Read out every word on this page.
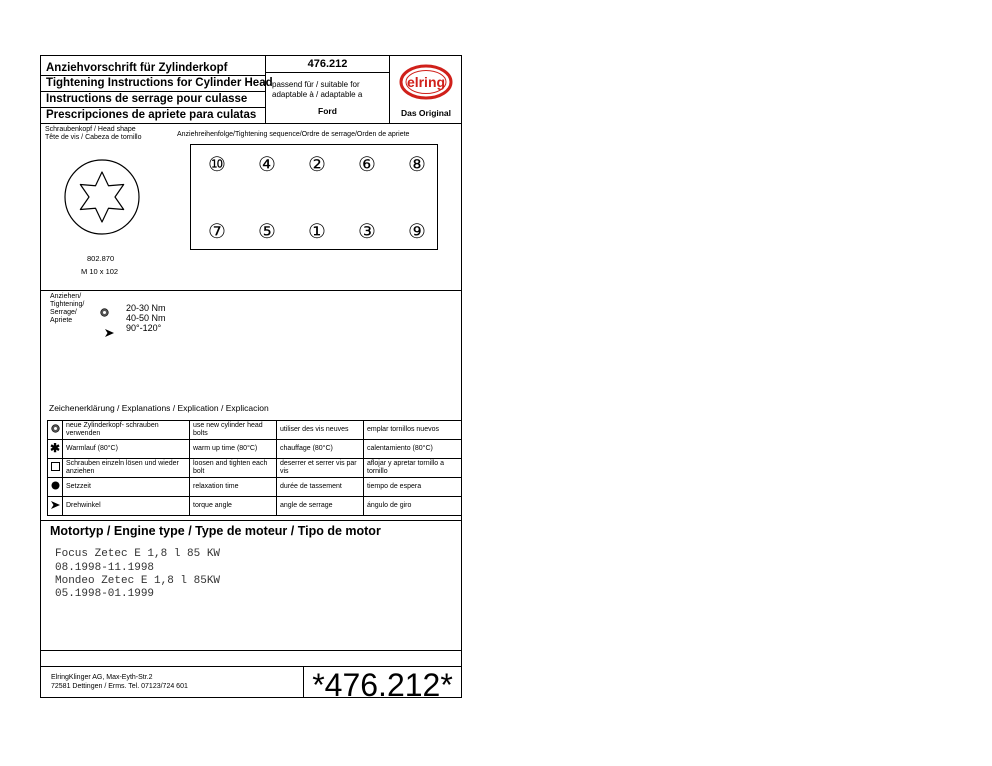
Anziehvorschrift für Zylinderkopf
Tightening Instructions for Cylinder Head
Instructions de serrage pour culasse
Prescripciones de apriete para culatas
476.212
passend für / suitable for
adaptable à / adaptable a
Ford
elring
Das Original
Schraubenkopf / Head shape
Tête de vis / Cabeza de tornillo
802.870
M 10 x 102
Anziehreihenfolge/Tightening sequence/Ordre de serrage/Orden de apriete
⑩	④	②	⑥	⑧
⑦	⑤	①	③	⑨
Anziehen/
Tightening/
Serrage/
Apriete
20-30 Nm
40-50 Nm
90°-120°
Zeichenerklärung / Explanations / Explication / Explicacion
	neue Zylinderkopf- schrauben verwenden	use new cylinder head bolts	utiliser des vis neuves	emplar tornillos nuevos
✱	Warmlauf (80°C)	warm up time (80°C)	chauffage (80°C)	calentamiento (80°C)
	Schrauben einzeln lösen und wieder anziehen	loosen and tighten each bolt	deserrer et serrer vis par vis	aflojar y apretar tornillo a tornillo
	Setzzeit	relaxation time	durée de tassement	tiempo de espera
	Drehwinkel	torque angle	angle de serrage	ángulo de giro
Motortyp / Engine type / Type de moteur / Tipo de motor
Focus Zetec E 1,8 l 85 KW
08.1998-11.1998
Mondeo Zetec E 1,8 l 85KW
05.1998-01.1999
ElringKlinger AG, Max-Eyth-Str.2
72581 Dettingen / Erms. Tel. 07123/724 601	*476.212*
